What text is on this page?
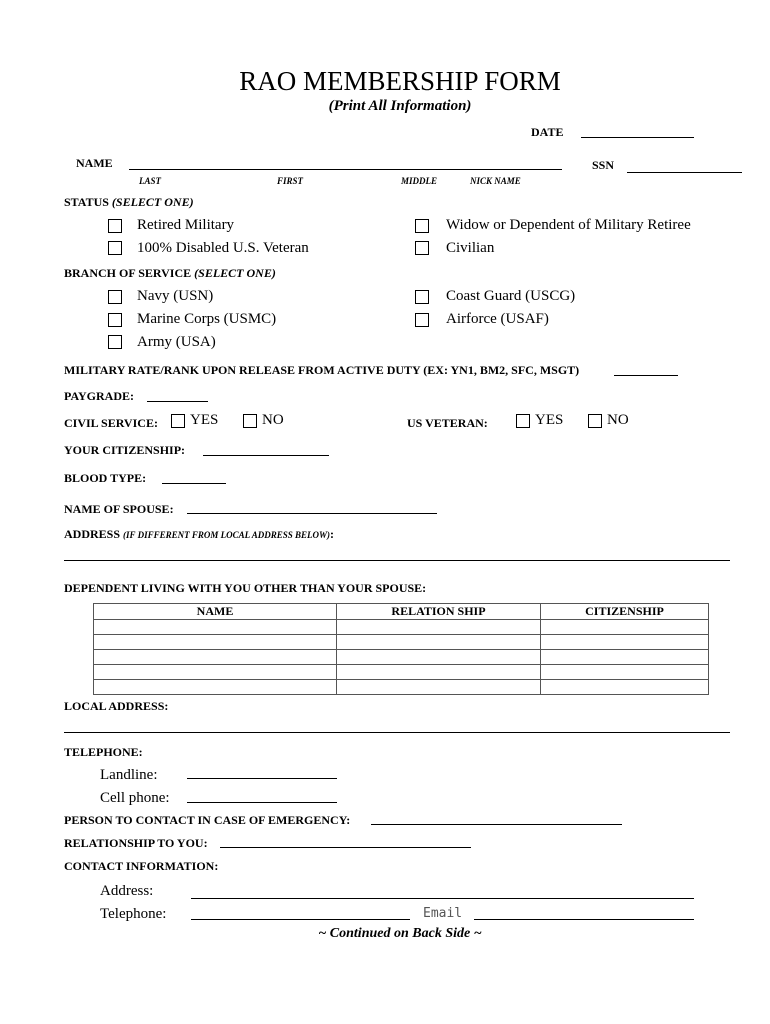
RAO MEMBERSHIP FORM
(Print All Information)
DATE
NAME
LAST	FIRST	MIDDLE	NICK NAME
SSN
STATUS (SELECT ONE)
Retired Military
100% Disabled U.S. Veteran
Widow or Dependent of Military Retiree
Civilian
BRANCH OF SERVICE (SELECT ONE)
Navy (USN)
Marine Corps (USMC)
Army (USA)
Coast Guard (USCG)
Airforce (USAF)
MILITARY RATE/RANK UPON RELEASE FROM ACTIVE DUTY (EX: YN1, BM2, SFC, MSGT)
PAYGRADE:
CIVIL SERVICE: YES	NO	US VETERAN:	YES	NO
YOUR CITIZENSHIP:
BLOOD TYPE:
NAME OF SPOUSE:
ADDRESS (IF DIFFERENT FROM LOCAL ADDRESS BELOW):
DEPENDENT LIVING WITH YOU OTHER THAN YOUR SPOUSE:
NAME	RELATION SHIP	CITIZENSHIP

LOCAL ADDRESS:
TELEPHONE:
Landline:
Cell phone:
PERSON TO CONTACT IN CASE OF EMERGENCY:
RELATIONSHIP TO YOU:
CONTACT INFORMATION:
Address:
Telephone:	Email
~ Continued on Back Side ~
